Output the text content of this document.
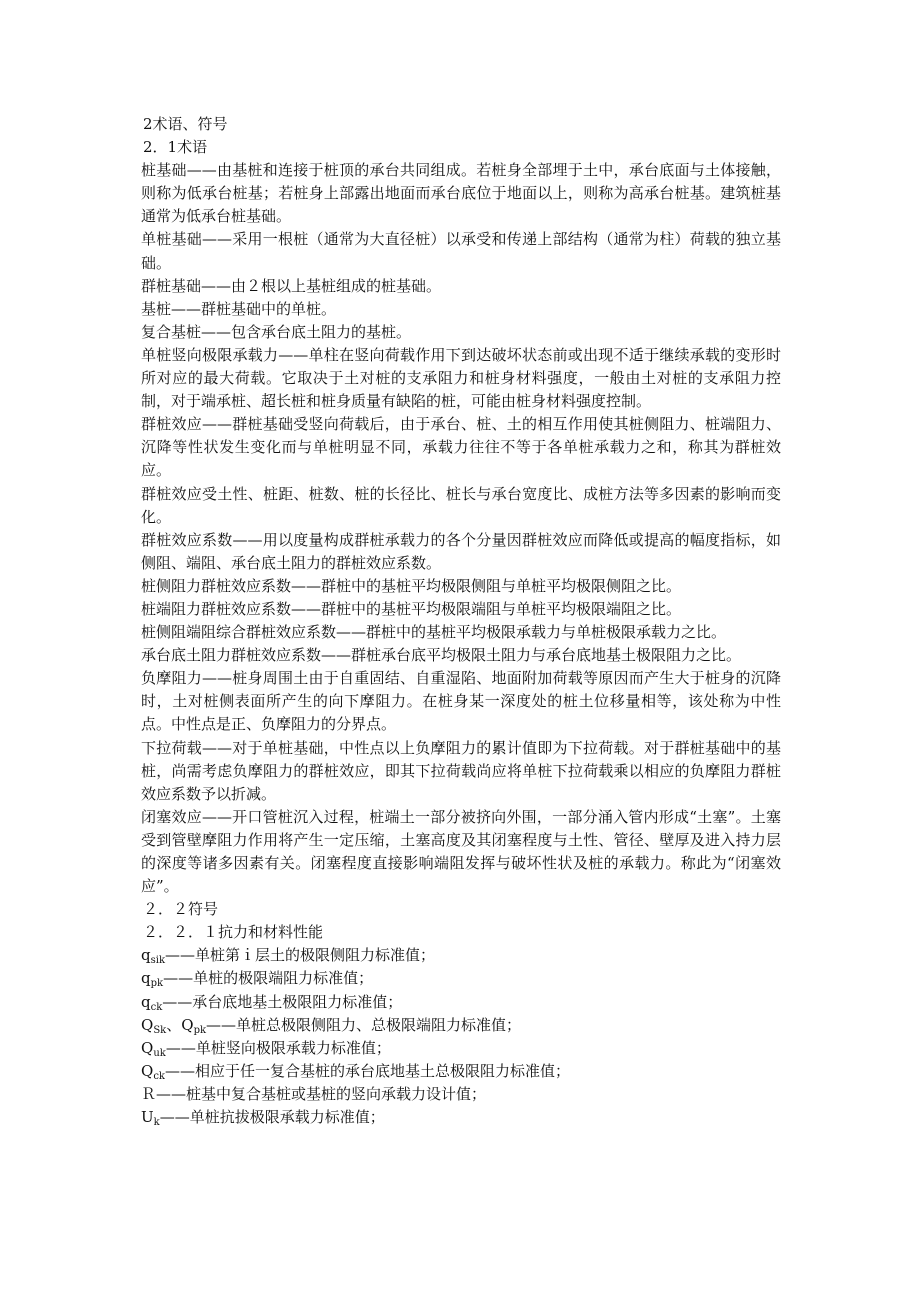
2术语、符号

2．1术语

桩基础——由基桩和连接于桩顶的承台共同组成。若桩身全部埋于土中，承台底面与土体接触，则称为低承台桩基；若桩身上部露出地面而承台底位于地面以上，则称为高承台桩基。建筑桩基通常为低承台桩基础。

单桩基础——采用一根桩（通常为大直径桩）以承受和传递上部结构（通常为柱）荷载的独立基础。

群桩基础——由２根以上基桩组成的桩基础。

基桩——群桩基础中的单桩。

复合基桩——包含承台底土阻力的基桩。

单桩竖向极限承载力——单柱在竖向荷载作用下到达破坏状态前或出现不适于继续承载的变形时所对应的最大荷载。它取决于土对桩的支承阻力和桩身材料强度，一般由土对桩的支承阻力控制，对于端承桩、超长桩和桩身质量有缺陷的桩，可能由桩身材料强度控制。

群桩效应——群桩基础受竖向荷载后，由于承台、桩、土的相互作用使其桩侧阻力、桩端阻力、沉降等性状发生变化而与单桩明显不同，承载力往往不等于各单桩承载力之和，称其为群桩效应。

群桩效应受土性、桩距、桩数、桩的长径比、桩长与承台宽度比、成桩方法等多因素的影响而变化。

群桩效应系数——用以度量构成群桩承载力的各个分量因群桩效应而降低或提高的幅度指标，如侧阻、端阻、承台底土阻力的群桩效应系数。

桩侧阻力群桩效应系数——群桩中的基桩平均极限侧阻与单桩平均极限侧阻之比。

桩端阻力群桩效应系数——群桩中的基桩平均极限端阻与单桩平均极限端阻之比。

桩侧阻端阻综合群桩效应系数——群桩中的基桩平均极限承载力与单桩极限承载力之比。

承台底土阻力群桩效应系数——群桩承台底平均极限土阻力与承台底地基土极限阻力之比。

负摩阻力——桩身周围土由于自重固结、自重湿陷、地面附加荷载等原因而产生大于桩身的沉降时，土对桩侧表面所产生的向下摩阻力。在桩身某一深度处的桩土位移量相等，该处称为中性点。中性点是正、负摩阻力的分界点。

下拉荷载——对于单桩基础，中性点以上负摩阻力的累计值即为下拉荷载。对于群桩基础中的基桩，尚需考虑负摩阻力的群桩效应，即其下拉荷载尚应将单桩下拉荷载乘以相应的负摩阻力群桩效应系数予以折减。

闭塞效应——开口管桩沉入过程，桩端土一部分被挤向外围，一部分涌入管内形成“土塞”。土塞受到管壁摩阻力作用将产生一定压缩，土塞高度及其闭塞程度与土性、管径、壁厚及进入持力层的深度等诸多因素有关。闭塞程度直接影响端阻发挥与破坏性状及桩的承载力。称此为“闭塞效应”。

２．２符号

２．２．１抗力和材料性能

$q_{sik}——$单桩第ｉ层土的极限侧阻力标准值；

$q_{pk}——$单桩的极限端阻力标准值；

$q_{ck}——$承台底地基土极限阻力标准值；

$Q_{Sk}$、$Q_{pk}——$单桩总极限侧阻力、总极限端阻力标准值；

$Q_{uk}——$单桩竖向极限承载力标准值；

$Q_{ck}——$相应于任一复合基桩的承台底地基土总极限阻力标准值；

Ｒ——桩基中复合基桩或基桩的竖向承载力设计值；

$U_k——$单桩抗拔极限承载力标准值；
